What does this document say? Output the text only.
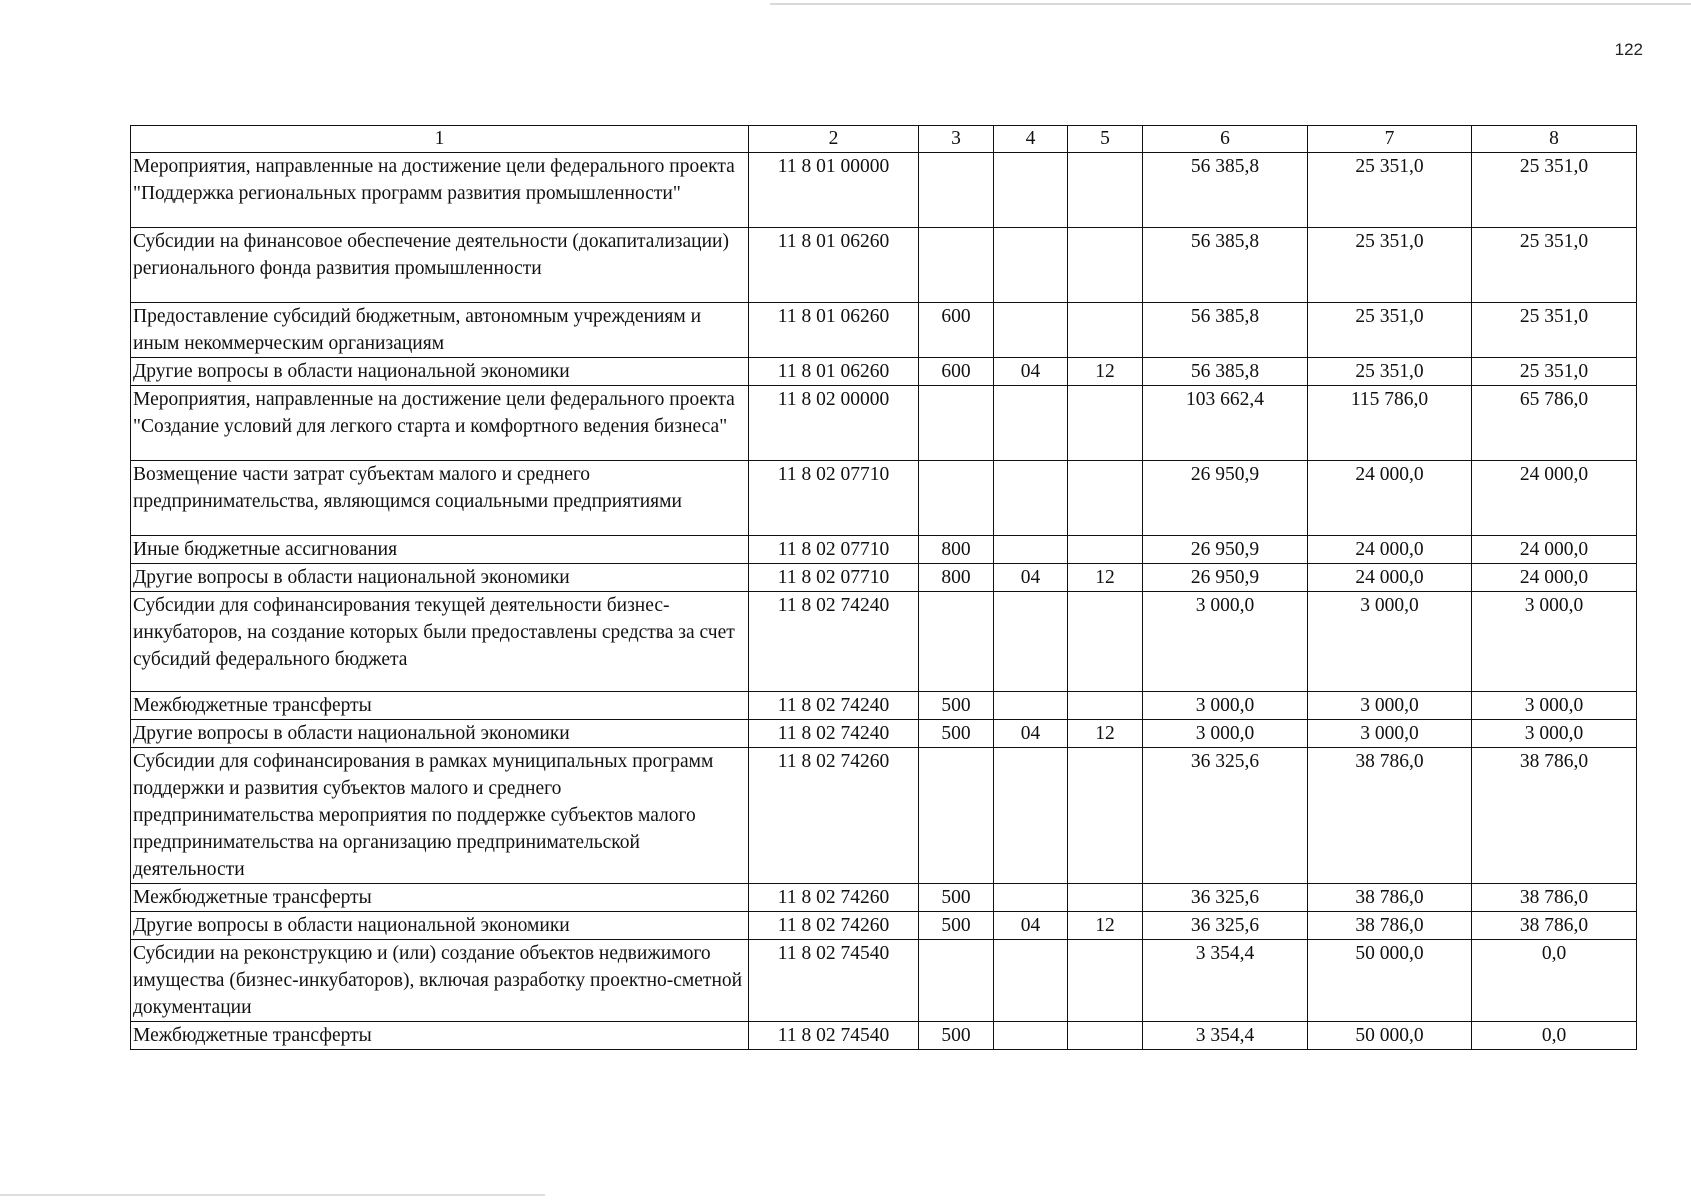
122
1	2	3	4	5	6	7	8
Мероприятия, направленные на достижение цели федерального проекта "Поддержка региональных программ развития промышленности"	11 8 01 00000				56 385,8	25 351,0	25 351,0
Субсидии на финансовое обеспечение деятельности (докапитализации) регионального фонда развития промышленности	11 8 01 06260				56 385,8	25 351,0	25 351,0
Предоставление субсидий бюджетным, автономным учреждениям и иным некоммерческим организациям	11 8 01 06260	600			56 385,8	25 351,0	25 351,0
Другие вопросы в области национальной экономики	11 8 01 06260	600	04	12	56 385,8	25 351,0	25 351,0
Мероприятия, направленные на достижение цели федерального проекта "Создание условий для легкого старта и комфортного ведения бизнеса"	11 8 02 00000				103 662,4	115 786,0	65 786,0
Возмещение части затрат субъектам малого и среднего предпринимательства, являющимся социальными предприятиями	11 8 02 07710				26 950,9	24 000,0	24 000,0
Иные бюджетные ассигнования	11 8 02 07710	800			26 950,9	24 000,0	24 000,0
Другие вопросы в области национальной экономики	11 8 02 07710	800	04	12	26 950,9	24 000,0	24 000,0
Субсидии для софинансирования текущей деятельности бизнес-инкубаторов, на создание которых были предоставлены средства за счет субсидий федерального бюджета	11 8 02 74240				3 000,0	3 000,0	3 000,0
Межбюджетные трансферты	11 8 02 74240	500			3 000,0	3 000,0	3 000,0
Другие вопросы в области национальной экономики	11 8 02 74240	500	04	12	3 000,0	3 000,0	3 000,0
Субсидии для софинансирования в рамках муниципальных программ поддержки и развития субъектов малого и среднего предпринимательства мероприятия по поддержке субъектов малого предпринимательства на организацию предпринимательской деятельности	11 8 02 74260				36 325,6	38 786,0	38 786,0
Межбюджетные трансферты	11 8 02 74260	500			36 325,6	38 786,0	38 786,0
Другие вопросы в области национальной экономики	11 8 02 74260	500	04	12	36 325,6	38 786,0	38 786,0
Субсидии на реконструкцию и (или) создание объектов недвижимого имущества (бизнес-инкубаторов), включая разработку проектно-сметной документации	11 8 02 74540				3 354,4	50 000,0	0,0
Межбюджетные трансферты	11 8 02 74540	500			3 354,4	50 000,0	0,0
